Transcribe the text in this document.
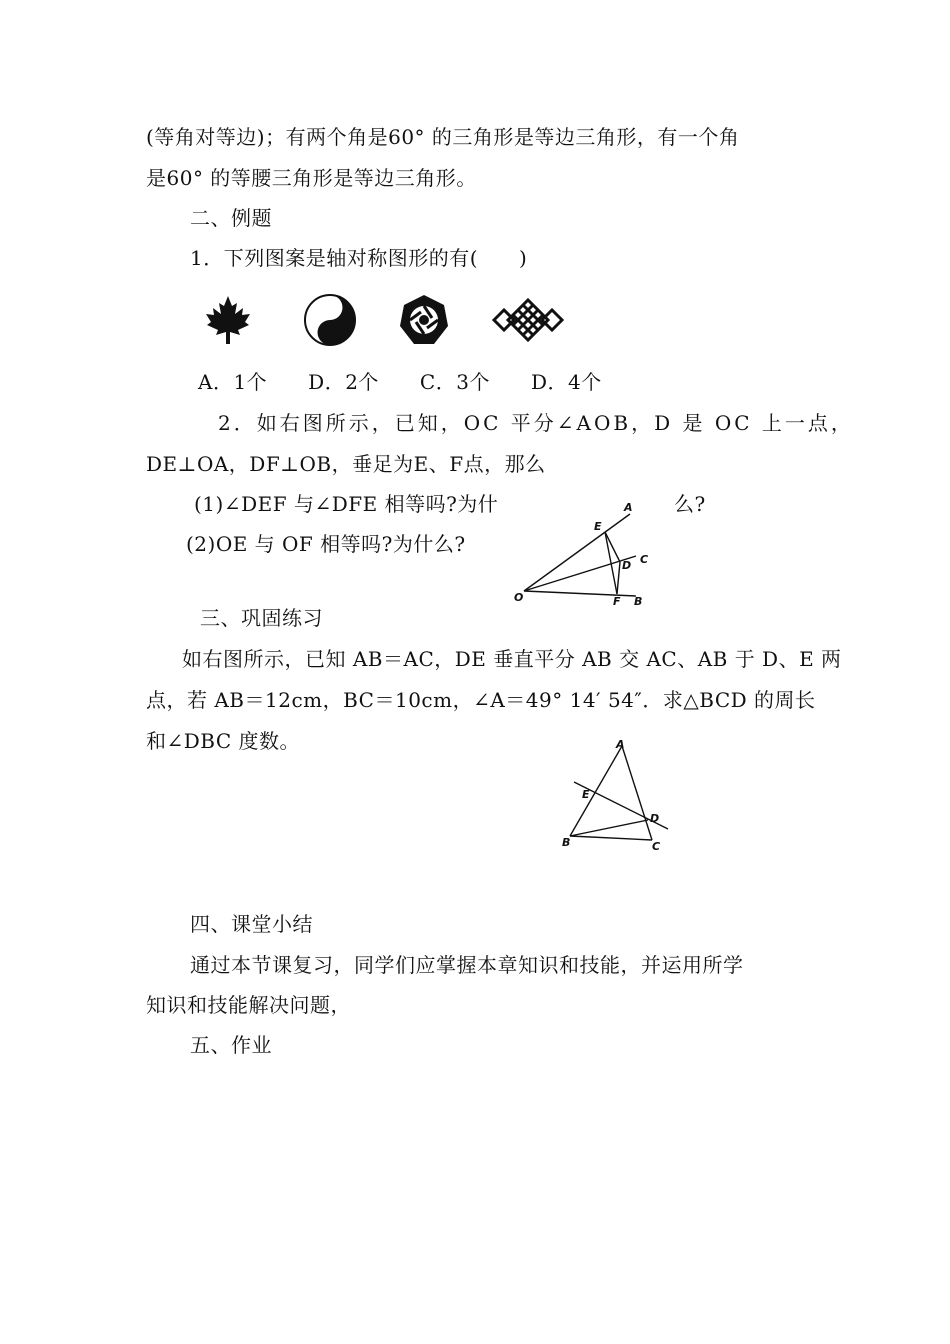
(等角对等边)；有两个角是60° 的三角形是等边三角形，有一个角
是60° 的等腰三角形是等边三角形。
二、例题
1．下列图案是轴对称图形的有(　　)
A．1个　　D．2个　　C．3个　　D．4个
2．如右图所示，已知，OC 平分∠AOB，D 是 OC 上一点，
DE⊥OA，DF⊥OB，垂足为E、F点，那么
(1)∠DEF 与∠DFE 相等吗?为什	么?
(2)OE 与 OF 相等吗?为什么?
A
E
C
D
O	F B
三、巩固练习
如右图所示，已知 AB＝AC，DE 垂直平分 AB 交 AC、AB 于 D、E 两
点，若 AB＝12cm，BC＝10cm，∠A＝49° 14′ 54″．求△BCD 的周长
和∠DBC 度数。	A
E
D
B	C
四、课堂小结
通过本节课复习，同学们应掌握本章知识和技能，并运用所学
知识和技能解决问题，
五、作业
